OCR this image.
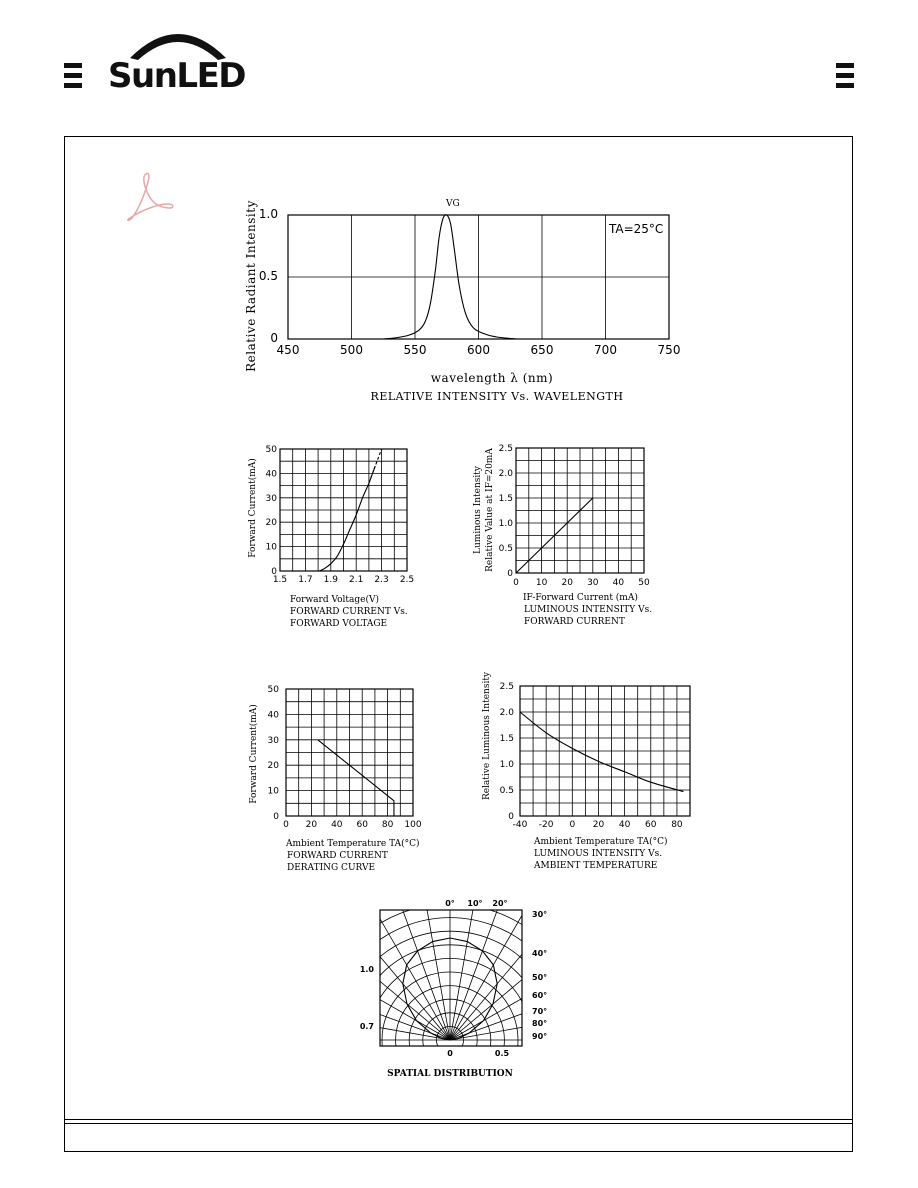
SunLED
450	500	550	600	650	700	750
0
0.5
1.0
VG
TA=25°C
Relative Radiant Intensity
wavelength λ (nm)
RELATIVE INTENSITY Vs. WAVELENGTH
1.5 1.7 1.9 2.1 2.3 2.5
0
10
20
30
40
50
Forward Current(mA)
Forward Voltage(V)
FORWARD CURRENT Vs.
FORWARD VOLTAGE
0 10 20 30 40 50
0
0.5
1.0
1.5
2.0
2.5
Luminous Intensity Relative Value at IF=20mA
IF-Forward Current (mA)
LUMINOUS INTENSITY Vs.
FORWARD CURRENT
0 20 40 60 80 100
0
10
20
30
40
50
Forward Current(mA)
Ambient Temperature TA(°C)
FORWARD CURRENT
DERATING CURVE
-40 -20 0 20 40 60 80
0
0.5
1.0
1.5
2.0
2.5
Relative Luminous Intensity
Ambient Temperature TA(°C)
LUMINOUS INTENSITY Vs.
AMBIENT TEMPERATURE
0° 10° 20°
30°
40°
50°
60°
70°
80°
90°
1.0
0.7
0	0.5
SPATIAL DISTRIBUTION
